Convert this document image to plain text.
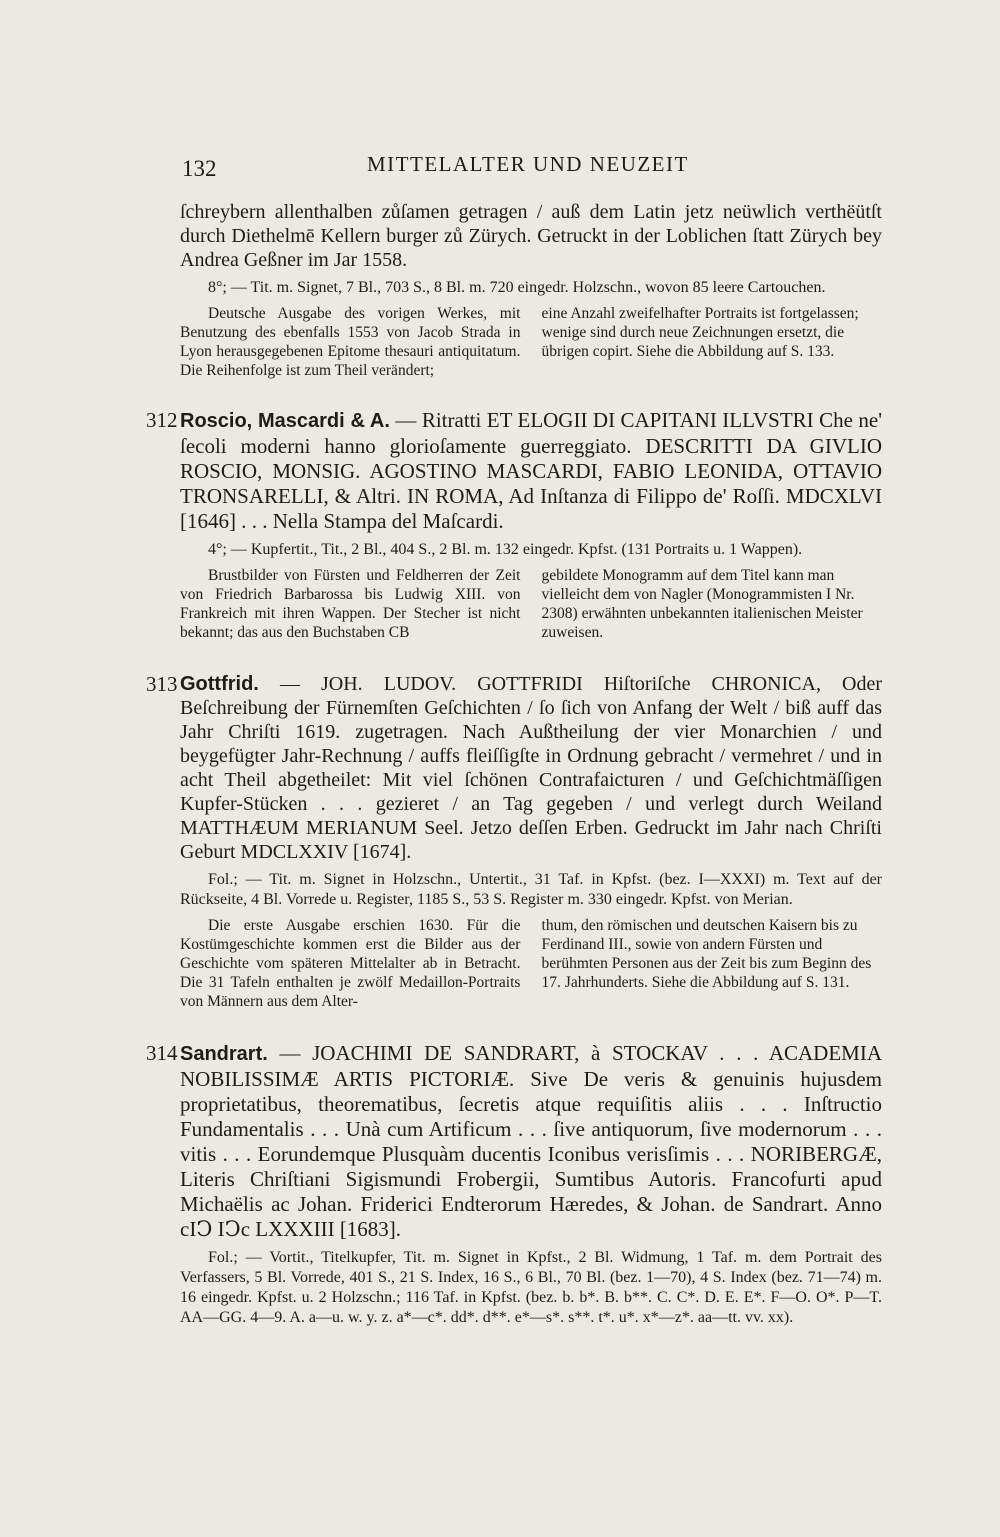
132	MITTELALTER UND NEUZEIT

ſchreybern allenthalben zůſamen getragen / auß dem Latin jetz neüwlich verthëütſt durch Diethelmē Kellern burger zů Zürych. Getruckt in der Loblichen ſtatt Zürych bey Andrea Geßner im Jar 1558.

8°; — Tit. m. Signet, 7 Bl., 703 S., 8 Bl. m. 720 eingedr. Holzschn., wovon 85 leere Cartouchen.

Deutsche Ausgabe des vorigen Werkes, mit Benutzung des ebenfalls 1553 von Jacob Strada in Lyon herausgegebenen Epitome thesauri antiquitatum. Die Reihenfolge ist zum Theil verändert;

eine Anzahl zweifelhafter Portraits ist fortgelassen; wenige sind durch neue Zeichnungen ersetzt, die übrigen copirt. Siehe die Abbildung auf S. 133.

312 Roscio, Mascardi & A. — Ritratti ET ELOGII DI CAPITANI ILLVSTRI Che ne' ſecoli moderni hanno glorioſamente guerreggiato. DESCRITTI DA GIVLIO ROSCIO, MONSIG. AGOSTINO MASCARDI, FABIO LEONIDA, OTTAVIO TRONSARELLI, & Altri. IN ROMA, Ad Inſtanza di Filippo de' Roſſi. MDCXLVI [1646] . . . Nella Stampa del Maſcardi.

4°; — Kupfertit., Tit., 2 Bl., 404 S., 2 Bl. m. 132 eingedr. Kpfst. (131 Portraits u. 1 Wappen).

Brustbilder von Fürsten und Feldherren der Zeit von Friedrich Barbarossa bis Ludwig XIII. von Frankreich mit ihren Wappen. Der Stecher ist nicht bekannt; das aus den Buchstaben CB

gebildete Monogramm auf dem Titel kann man vielleicht dem von Nagler (Monogrammisten I Nr. 2308) erwähnten unbekannten italienischen Meister zuweisen.

313 Gottfrid. — JOH. LUDOV. GOTTFRIDI Hiſtoriſche CHRONICA, Oder Beſchreibung der Fürnemſten Geſchichten / ſo ſich von Anfang der Welt / biß auff das Jahr Chriſti 1619. zugetragen. Nach Außtheilung der vier Monarchien / und beygefügter Jahr-Rechnung / auffs fleiſſigſte in Ordnung gebracht / vermehret / und in acht Theil abgetheilet: Mit viel ſchönen Contrafaicturen / und Geſchichtmäſſigen Kupfer-Stücken . . . gezieret / an Tag gegeben / und verlegt durch Weiland MATTHÆUM MERIANUM Seel. Jetzo deſſen Erben. Gedruckt im Jahr nach Chriſti Geburt MDCLXXIV [1674].

Fol.; — Tit. m. Signet in Holzschn., Untertit., 31 Taf. in Kpfst. (bez. I—XXXI) m. Text auf der Rückseite, 4 Bl. Vorrede u. Register, 1185 S., 53 S. Register m. 330 eingedr. Kpfst. von Merian.

Die erste Ausgabe erschien 1630. Für die Kostümgeschichte kommen erst die Bilder aus der Geschichte vom späteren Mittelalter ab in Betracht. Die 31 Tafeln enthalten je zwölf Medaillon-Portraits von Männern aus dem Alter-

thum, den römischen und deutschen Kaisern bis zu Ferdinand III., sowie von andern Fürsten und berühmten Personen aus der Zeit bis zum Beginn des 17. Jahrhunderts. Siehe die Abbildung auf S. 131.

314 Sandrart. — JOACHIMI DE SANDRART, à STOCKAV . . . ACADEMIA NOBILISSIMÆ ARTIS PICTORIÆ. Sive De veris & genuinis hujusdem proprietatibus, theorematibus, ſecretis atque requiſitis aliis . . . Inſtructio Fundamentalis . . . Unà cum Artificum . . . ſive antiquorum, ſive modernorum . . . vitis . . . Eorundemque Plusquàm ducentis Iconibus verisſimis . . . NORIBERGÆ, Literis Chriſtiani Sigismundi Frobergii, Sumtibus Autoris. Francofurti apud Michaëlis ac Johan. Friderici Endterorum Hæredes, & Johan. de Sandrart. Anno cIↃ IↃc LXXXIII [1683].

Fol.; — Vortit., Titelkupfer, Tit. m. Signet in Kpfst., 2 Bl. Widmung, 1 Taf. m. dem Portrait des Verfassers, 5 Bl. Vorrede, 401 S., 21 S. Index, 16 S., 6 Bl., 70 Bl. (bez. 1—70), 4 S. Index (bez. 71—74) m. 16 eingedr. Kpfst. u. 2 Holzschn.; 116 Taf. in Kpfst. (bez. b. b*. B. b**. C. C*. D. E. E*. F—O. O*. P—T. AA—GG. 4—9. A. a—u. w. y. z. a*—c*. dd*. d**. e*—s*. s**. t*. u*. x*—z*. aa—tt. vv. xx).
